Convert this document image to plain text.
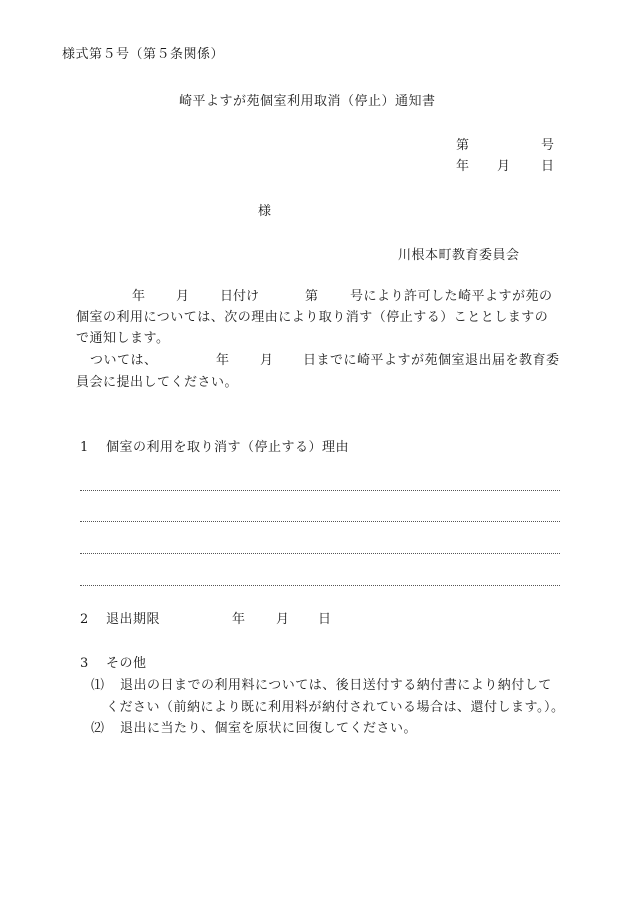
様式第５号（第５条関係）
崎平よすが苑個室利用取消（停止）通知書
第	号
年 月 日
様
川根本町教育委員会
年 月 日付け	第 号により許可した崎平よすが苑の
個室の利用については、次の理由により取り消す（停止する）こととしますの
で通知します。
ついては、	年 月 日までに崎平よすが苑個室退出届を教育委
員会に提出してください。
1 個室の利用を取り消す（停止する）理由
2 退出期限	年 月 日
3 その他
⑴ 退出の日までの利用料については、後日送付する納付書により納付して
ください（前納により既に利用料が納付されている場合は、還付します。）。
⑵ 退出に当たり、個室を原状に回復してください。
